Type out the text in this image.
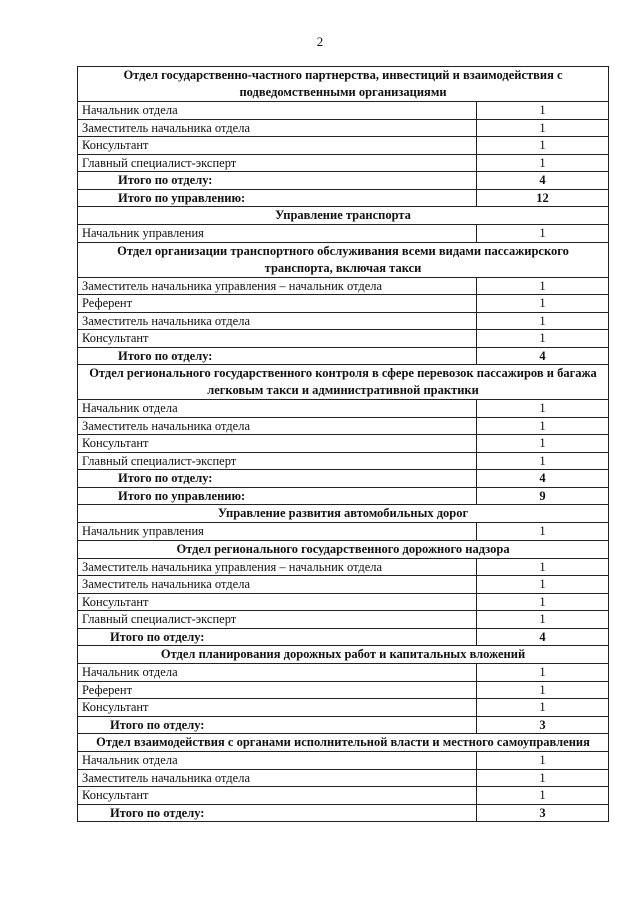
2
Отдел государственно-частного партнерства, инвестиций и взаимодействия с подведомственными организациями	
Начальник отдела	1
Заместитель начальника отдела	1
Консультант	1
Главный специалист-эксперт	1
Итого по отделу:	4
Итого по управлению:	12
Управление транспорта	
Начальник управления	1
Отдел организации транспортного обслуживания всеми видами пассажирского транспорта, включая такси	
Заместитель начальника управления – начальник отдела	1
Референт	1
Заместитель начальника отдела	1
Консультант	1
Итого по отделу:	4
Отдел регионального государственного контроля в сфере перевозок пассажиров и багажа легковым такси и административной практики	
Начальник отдела	1
Заместитель начальника отдела	1
Консультант	1
Главный специалист-эксперт	1
Итого по отделу:	4
Итого по управлению:	9
Управление развития автомобильных дорог	
Начальник управления	1
Отдел регионального государственного дорожного надзора	
Заместитель начальника управления – начальник отдела	1
Заместитель начальника отдела	1
Консультант	1
Главный специалист-эксперт	1
Итого по отделу:	4
Отдел планирования дорожных работ и капитальных вложений	
Начальник отдела	1
Референт	1
Консультант	1
Итого по отделу:	3
Отдел взаимодействия с органами исполнительной власти и местного самоуправления	
Начальник отдела	1
Заместитель начальника отдела	1
Консультант	1
Итого по отделу:	3
